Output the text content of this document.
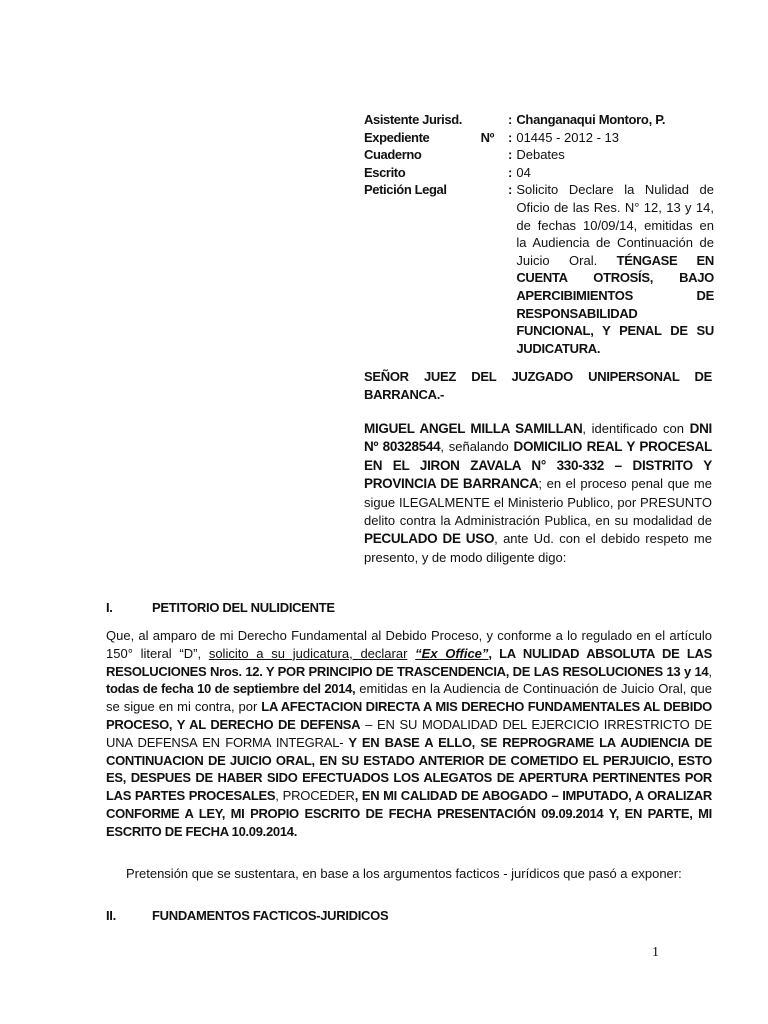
Asistente Jurisd.	: Changanaqui Montoro, P.
Expediente	Nº : 01445 - 2012 - 13
Cuaderno	: Debates
Escrito	: 04
Petición Legal	: Solicito Declare la Nulidad de Oficio de las Res. N° 12, 13 y 14, de fechas 10/09/14, emitidas en la Audiencia de Continuación de Juicio Oral. TÉNGASE EN CUENTA OTROSÍS, BAJO APERCIBIMIENTOS DE RESPONSABILIDAD FUNCIONAL, Y PENAL DE SU JUDICATURA.
SEÑOR JUEZ DEL JUZGADO UNIPERSONAL DE BARRANCA.-
MIGUEL ANGEL MILLA SAMILLAN, identificado con DNI Nº 80328544, señalando DOMICILIO REAL Y PROCESAL EN EL JIRON ZAVALA N° 330-332 – DISTRITO Y PROVINCIA DE BARRANCA; en el proceso penal que me sigue ILEGALMENTE el Ministerio Publico, por PRESUNTO delito contra la Administración Publica, en su modalidad de PECULADO DE USO, ante Ud. con el debido respeto me presento, y de modo diligente digo:
I.	PETITORIO DEL NULIDICENTE
Que, al amparo de mi Derecho Fundamental al Debido Proceso, y conforme a lo regulado en el artículo 150° literal “D”, solicito a su judicatura, declarar “Ex Office”, LA NULIDAD ABSOLUTA DE LAS RESOLUCIONES Nros. 12. Y POR PRINCIPIO DE TRASCENDENCIA, DE LAS RESOLUCIONES 13 y 14, todas de fecha 10 de septiembre del 2014, emitidas en la Audiencia de Continuación de Juicio Oral, que se sigue en mi contra, por LA AFECTACION DIRECTA A MIS DERECHO FUNDAMENTALES AL DEBIDO PROCESO, Y AL DERECHO DE DEFENSA – EN SU MODALIDAD DEL EJERCICIO IRRESTRICTO DE UNA DEFENSA EN FORMA INTEGRAL- Y EN BASE A ELLO, SE REPROGRAME LA AUDIENCIA DE CONTINUACION DE JUICIO ORAL, EN SU ESTADO ANTERIOR DE COMETIDO EL PERJUICIO, ESTO ES, DESPUES DE HABER SIDO EFECTUADOS LOS ALEGATOS DE APERTURA PERTINENTES POR LAS PARTES PROCESALES, PROCEDER, EN MI CALIDAD DE ABOGADO – IMPUTADO, A ORALIZAR CONFORME A LEY, MI PROPIO ESCRITO DE FECHA PRESENTACIÓN 09.09.2014 Y, EN PARTE, MI ESCRITO DE FECHA 10.09.2014.
Pretensión que se sustentara, en base a los argumentos facticos - jurídicos que pasó a exponer:
II.	FUNDAMENTOS FACTICOS-JURIDICOS
1
